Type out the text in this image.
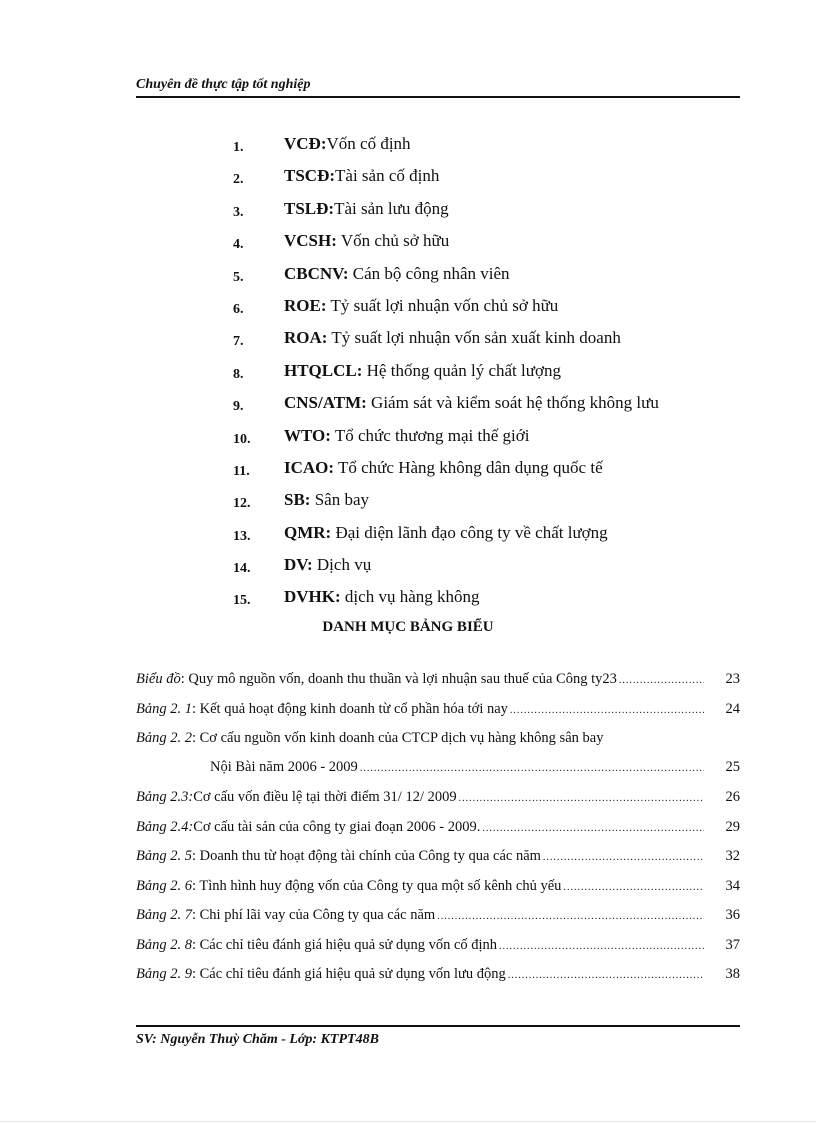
Chuyên đề thực tập tốt nghiệp
1.	VCĐ:Vốn cố định
2.	TSCĐ:Tài sản cố định
3.	TSLĐ:Tài sản lưu động
4.	VCSH: Vốn chủ sở hữu
5.	CBCNV: Cán bộ công nhân viên
6.	ROE: Tỷ suất lợi nhuận vốn chủ sở hữu
7.	ROA: Tỷ suất lợi nhuận vốn sản xuất kinh doanh
8.	HTQLCL: Hệ thống quản lý chất lượng
9.	CNS/ATM: Giám sát và kiểm soát hệ thống không lưu
10.	WTO: Tổ chức thương mại thế giới
11.	ICAO: Tổ chức Hàng không dân dụng quốc tế
12.	SB: Sân bay
13.	QMR: Đại diện lãnh đạo công ty về chất lượng
14.	DV: Dịch vụ
15.	DVHK: dịch vụ hàng không
DANH MỤC BẢNG BIỂU
Biểu đồ : Quy mô nguồn vốn, doanh thu thuần và lợi nhuận sau thuế của Công ty23 .....	23
Bảng 2. 1 : Kết quả hoạt động kinh doanh từ cổ phần hóa tới nay .....	24
Bảng 2. 2 : Cơ cấu nguồn vốn kinh doanh của CTCP dịch vụ hàng không sân bay
Nội Bài năm 2006 - 2009 .....	25
Bảng 2.3: Cơ cấu vốn điều lệ tại thời điểm 31/ 12/ 2009 .....	26
Bảng 2.4: Cơ cấu tài sản của công ty giai đoạn 2006 - 2009. .....	29
Bảng 2. 5 : Doanh thu từ hoạt động tài chính của Công ty qua các năm .....	32
Bảng 2. 6 : Tình hình huy động vốn của Công ty qua một số kênh chủ yếu .....	34
Bảng 2. 7 : Chi phí lãi vay của Công ty qua các năm .....	36
Bảng 2. 8 : Các chỉ tiêu đánh giá hiệu quả sử dụng vốn cố định .....	37
Bảng 2. 9 : Các chỉ tiêu đánh giá hiệu quả sử dụng vốn lưu động .....	38
SV: Nguyễn Thuỳ Chăm - Lớp: KTPT48B
